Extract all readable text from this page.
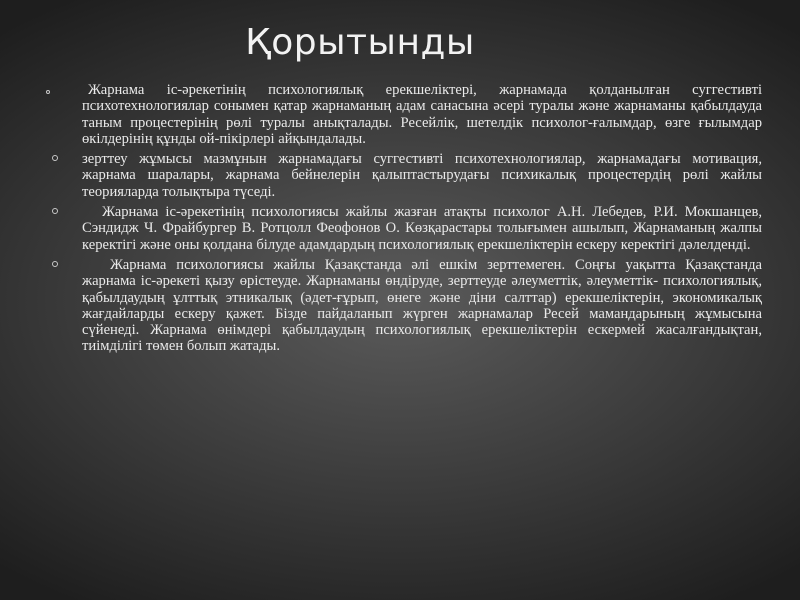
Қорытынды
Жарнама іс-әрекетінің психологиялық ерекшеліктері, жарнамада қолданылған суггестивті психотехнологиялар сонымен қатар жарнаманың адам санасына әсері туралы және жарнаманы қабылдауда таным процестерінің рөлі туралы анықталады. Ресейлік, шетелдік психолог-ғалымдар, өзге ғылымдар өкілдерінің құнды ой-пікірлері айқындалады.
зерттеу жұмысы мазмұнын жарнамадағы суггестивті психотехнологиялар, жарнамадағы мотивация, жарнама шаралары, жарнама бейнелерін қалыптастырудағы психикалық процестердің рөлі жайлы теорияларда толықтыра түседі.
Жарнама іс-әрекетінің психологиясы жайлы жазған атақты психолог А.Н. Лебедев, Р.И. Мокшанцев, Сэндидж Ч. Фрайбургер В. Ротцолл Феофонов О. Көзқарастары толығымен ашылып, Жарнаманың жалпы керектігі және оны қолдана білуде адамдардың психологиялық ерекшеліктерін ескеру керектігі дәлелденді.
Жарнама психологиясы жайлы Қазақстанда әлі ешкім зерттемеген. Соңғы уақытта Қазақстанда жарнама іс-әрекеті қызу өрістеуде. Жарнаманы өндіруде, зерттеуде әлеуметтік, әлеуметтік- психологиялық, қабылдаудың ұлттық этникалық (әдет-ғұрып, өнеге және діни салттар) ерекшеліктерін, экономикалық жағдайларды ескеру қажет. Бізде пайдаланып жүрген жарнамалар Ресей мамандарының жұмысына сүйенеді. Жарнама өнімдері қабылдаудың психологиялық ерекшеліктерін ескермей жасалғандықтан, тиімділігі төмен болып жатады.
